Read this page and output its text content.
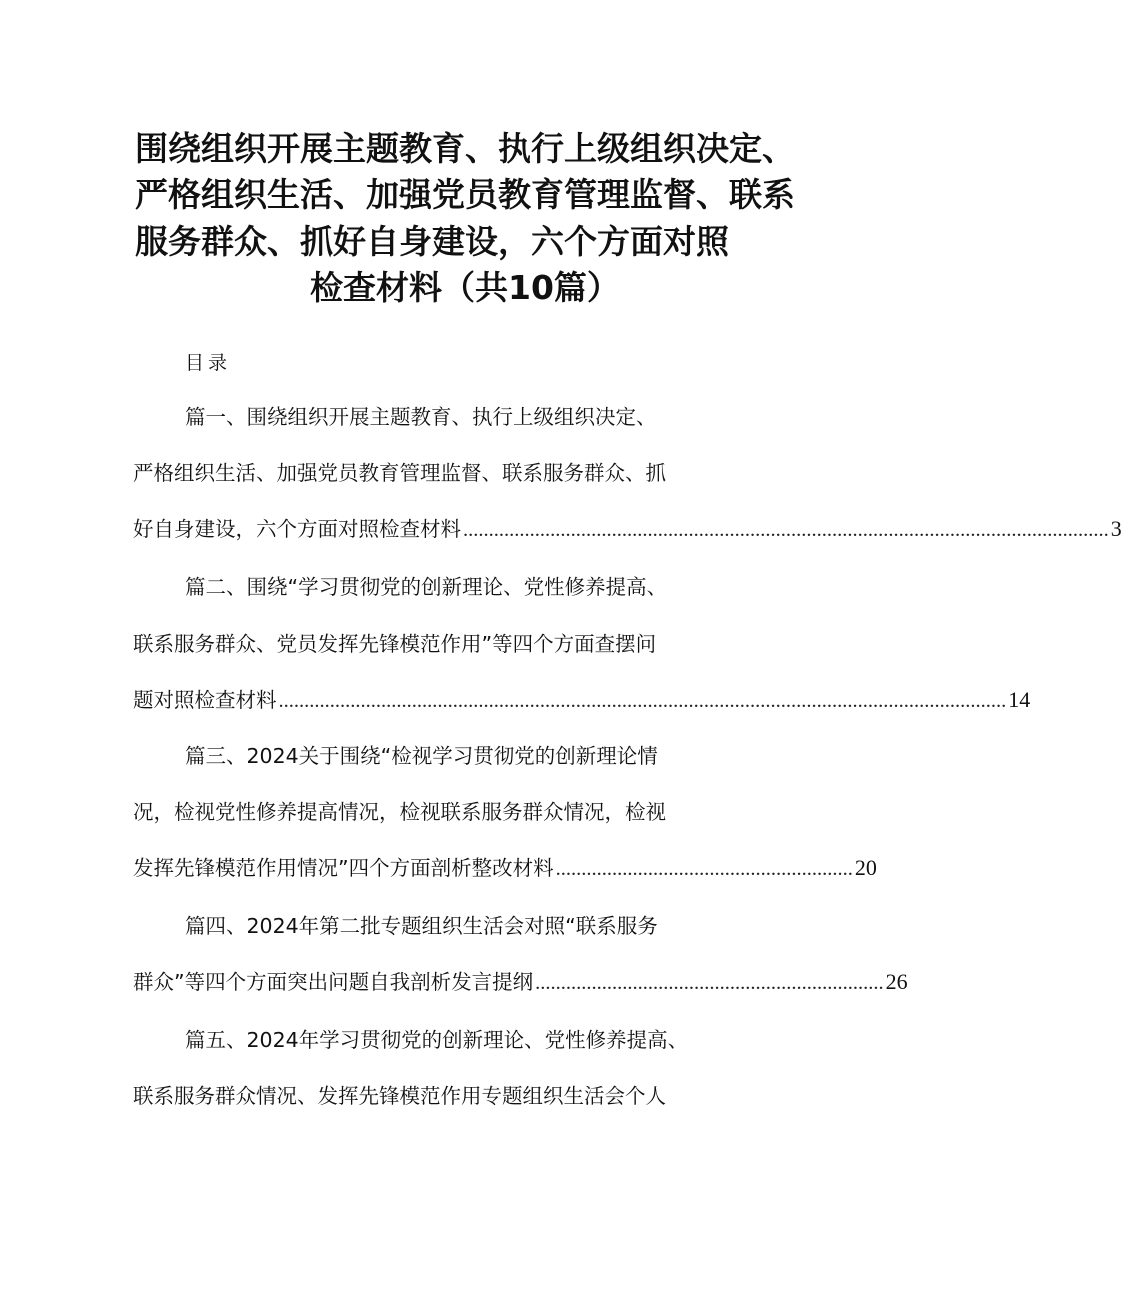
围绕组织开展主题教育、执行上级组织决定、
严格组织生活、加强党员教育管理监督、联系
服务群众、抓好自身建设，六个方面对照
检查材料（共10篇）
目录
篇一、围绕组织开展主题教育、执行上级组织决定、
严格组织生活、加强党员教育管理监督、联系服务群众、抓
好自身建设，六个方面对照检查材料 .............................................................................................................................. 3
篇二、围绕“学习贯彻党的创新理论、党性修养提高、
联系服务群众、党员发挥先锋模范作用”等四个方面查摆问
题对照检查材料 .............................................................................................................................................. 14
篇三、2024关于围绕“检视学习贯彻党的创新理论情
况，检视党性修养提高情况，检视联系服务群众情况，检视
发挥先锋模范作用情况”四个方面剖析整改材料 .......................................................... 20
篇四、2024年第二批专题组织生活会对照“联系服务
群众”等四个方面突出问题自我剖析发言提纲 .................................................................... 26
篇五、2024年学习贯彻党的创新理论、党性修养提高、
联系服务群众情况、发挥先锋模范作用专题组织生活会个人
